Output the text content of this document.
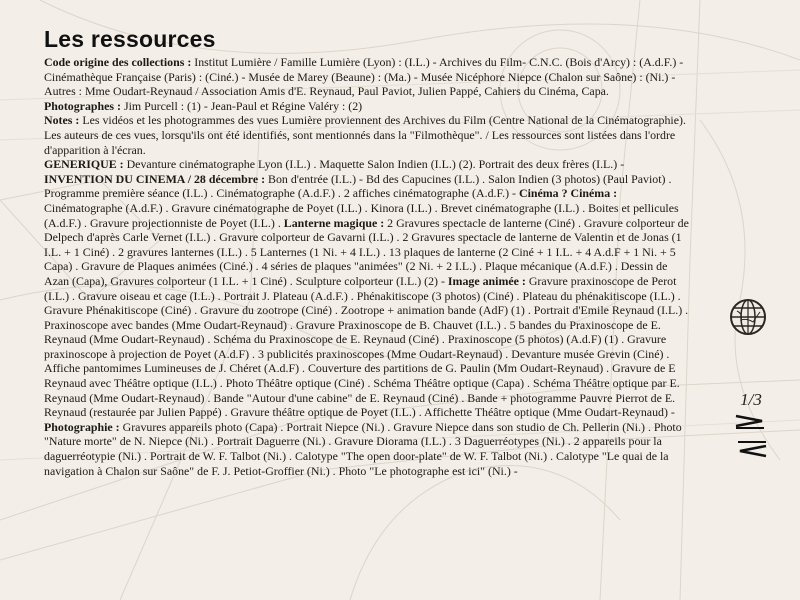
Les ressources

Code origine des collections : Institut Lumière / Famille Lumière (Lyon) : (I.L.) - Archives du Film- C.N.C. (Bois d'Arcy) : (A.d.F.) - Cinémathèque Française (Paris) : (Ciné.) - Musée de Marey (Beaune) : (Ma.) - Musée Nicéphore Niepce (Chalon sur Saône) : (Ni.) - Autres : Mme Oudart-Reynaud / Association Amis d'E. Reynaud, Paul Paviot, Julien Pappé, Cahiers du Cinéma, Capa.

Photographes : Jim Purcell : (1) - Jean-Paul et Régine Valéry : (2)

Notes : Les vidéos et les photogrammes des vues Lumière proviennent des Archives du Film (Centre National de la Cinématographie). Les auteurs de ces vues, lorsqu'ils ont été identifiés, sont mentionnés dans la "Filmothèque". / Les ressources sont listées dans l'ordre d'apparition à l'écran.

GENERIQUE : Devanture cinématographe Lyon (I.L.) . Maquette Salon Indien (I.L.) (2). Portrait des deux frères (I.L.) - INVENTION DU CINEMA / 28 décembre : Bon d'entrée (I.L.) - Bd des Capucines (I.L.) . Salon Indien (3 photos) (Paul Paviot) . Programme première séance (I.L.) . Cinématographe (A.d.F.) . 2 affiches cinématographe (A.d.F.) - Cinéma ? Cinéma : Cinématographe (A.d.F.) . Gravure cinématographe de Poyet (I.L.) . Kinora (I.L.) . Brevet cinématographe (I.L.) . Boites et pellicules (A.d.F.) . Gravure projectionniste de Poyet (I.L.) . Lanterne magique : 2 Gravures spectacle de lanterne (Ciné) . Gravure colporteur de Delpech d'après Carle Vernet (I.L.) . Gravure colporteur de Gavarni (I.L.) . 2 Gravures spectacle de lanterne de Valentin et de Jonas (1 I.L. + 1 Ciné) . 2 gravures lanternes (I.L.) . 5 Lanternes (1 Ni. + 4 I.L.) . 13 plaques de lanterne (2 Ciné + 1 I.L. + 4 A.d.F + 1 Ni. + 5 Capa) . Gravure de Plaques animées (Ciné.) . 4 séries de plaques "animées" (2 Ni. + 2 I.L.) . Plaque mécanique (A.d.F.) . Dessin de Azan (Capa), Gravures colporteur (1 I.L. + 1 Ciné) . Sculpture colporteur (I.L.) (2) - Image animée : Gravure praxinoscope de Perot (I.L.) . Gravure oiseau et cage (I.L.) . Portrait J. Plateau (A.d.F.) . Phénakitiscope (3 photos) (Ciné) . Plateau du phénakitiscope (I.L.) . Gravure Phénakitiscope (Ciné) . Gravure du zootrope (Ciné) . Zootrope + animation bande (AdF) (1) . Portrait d'Emile Reynaud (I.L.) . Praxinoscope avec bandes (Mme Oudart-Reynaud) . Gravure Praxinoscope de B. Chauvet (I.L.) . 5 bandes du Praxinoscope de E. Reynaud (Mme Oudart-Reynaud) . Schéma du Praxinoscope de E. Reynaud (Ciné) . Praxinoscope (5 photos) (A.d.F) (1) . Gravure praxinoscope à projection de Poyet (A.d.F) . 3 publicités praxinoscopes (Mme Oudart-Reynaud) . Devanture musée Grevin (Ciné) . Affiche pantomimes Lumineuses de J. Chéret (A.d.F) . Couverture des partitions de G. Paulin (Mm Oudart-Reynaud) . Gravure de E Reynaud avec Théâtre optique (I.L.) . Photo Théâtre optique (Ciné) . Schéma Théâtre optique (Capa) . Schéma Théâtre optique par E. Reynaud (Mme Oudart-Reynaud) . Bande "Autour d'une cabine" de E. Reynaud (Ciné) . Bande + photogramme Pauvre Pierrot de E. Reynaud (restaurée par Julien Pappé) . Gravure théâtre optique de Poyet (I.L.) . Affichette Théâtre optique (Mme Oudart-Reynaud) - Photographie : Gravures appareils photo (Capa) . Portrait Niepce (Ni.) . Gravure Niepce dans son studio de Ch. Pellerin (Ni.) . Photo "Nature morte" de N. Niepce (Ni.) . Portrait Daguerre (Ni.) . Gravure Diorama (I.L.) . 3 Daguerréotypes (Ni.) . 2 appareils pour la daguerréotypie (Ni.) . Portrait de W. F. Talbot (Ni.) . Calotype "The open door-plate" de W. F. Talbot (Ni.) . Calotype "Le quai de la navigation à Chalon sur Saône" de F. J. Petiot-Groffier (Ni.) . Photo "Le photographe est ici" (Ni.) -

1/3
